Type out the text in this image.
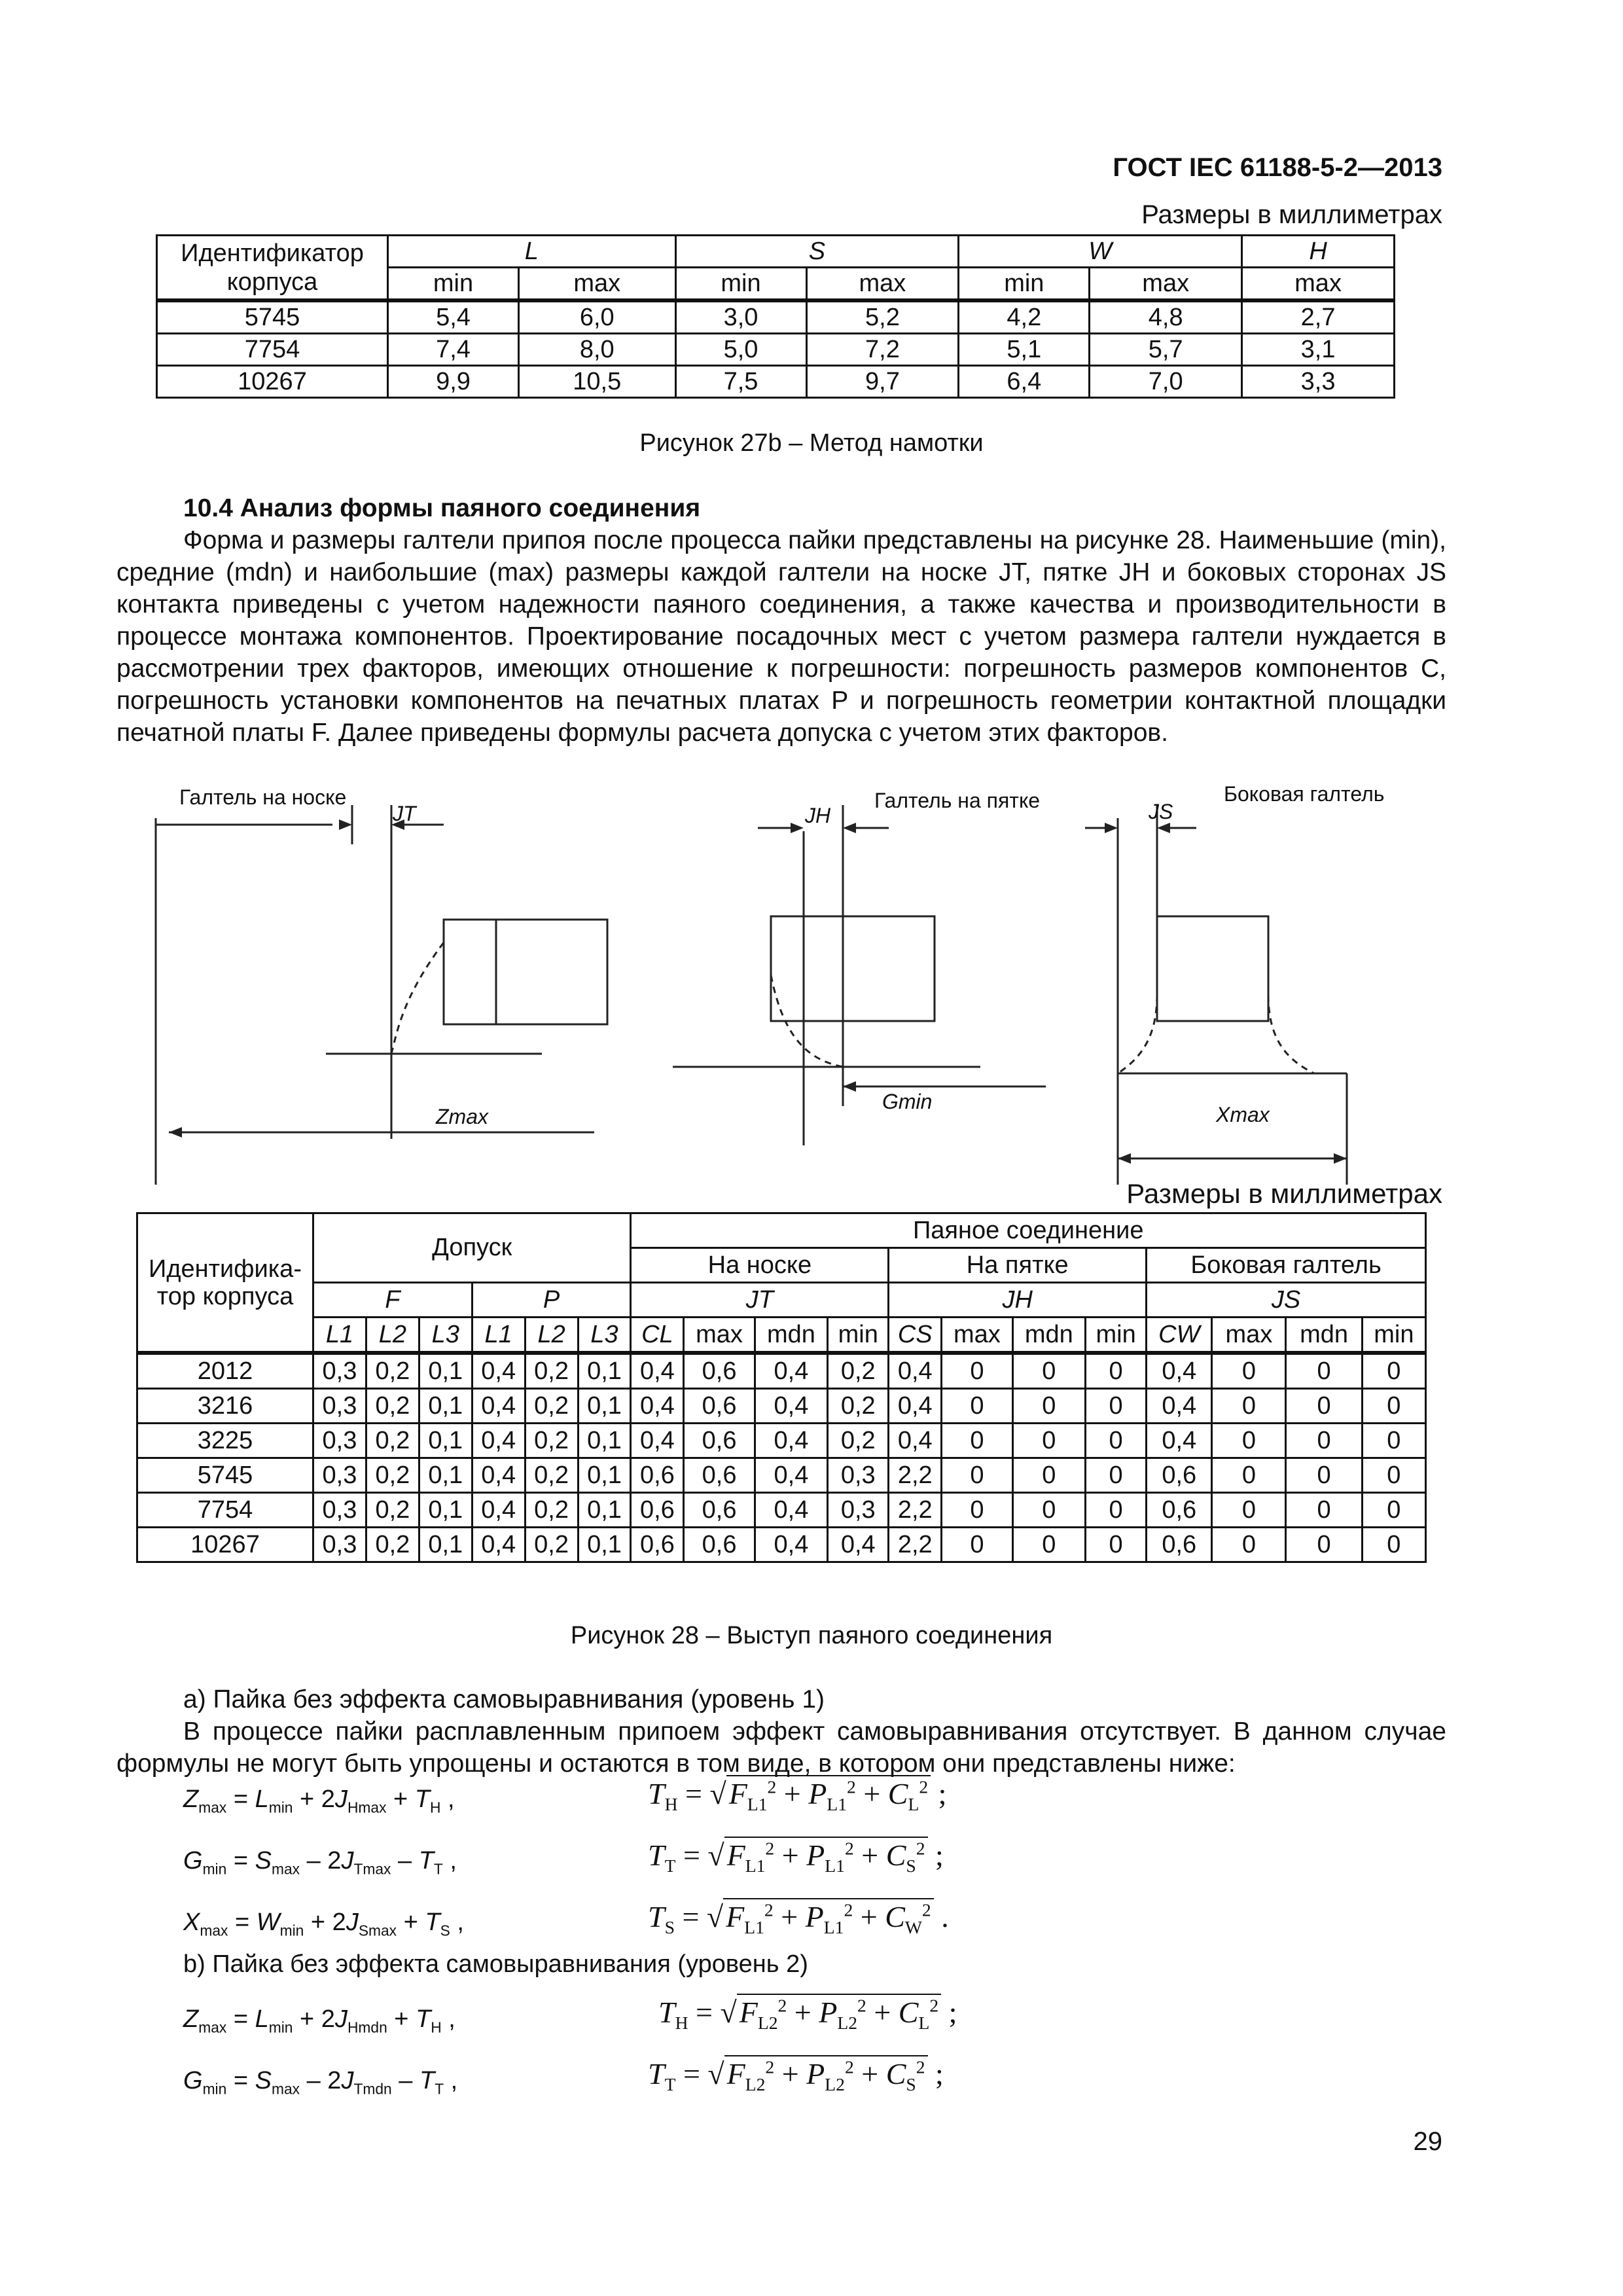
ГОСТ IEC 61188-5-2—2013
Размеры в миллиметрах
Идентификатор корпуса	L		S		W		H
	min	max	min	max	min	max	max
5745	5,4	6,0	3,0	5,2	4,2	4,8	2,7
7754	7,4	8,0	5,0	7,2	5,1	5,7	3,1
10267	9,9	10,5	7,5	9,7	6,4	7,0	3,3
Рисунок 27b – Метод намотки

10.4 Анализ формы паяного соединения

Форма и размеры галтели припоя после процесса пайки представлены на рисунке 28. Наименьшие (min), средние (mdn) и наибольшие (max) размеры каждой галтели на носке JT, пятке JH и боковых сторонах JS контакта приведены с учетом надежности паяного соединения, а также качества и производительности в процессе монтажа компонентов. Проектирование посадочных мест с учетом размера галтели нуждается в рассмотрении трех факторов, имеющих отношение к погрешности: погрешность размеров компонентов C, погрешность установки компонентов на печатных платах P и погрешность геометрии контактной площадки печатной платы F. Далее приведены формулы расчета допуска с учетом этих факторов.

Галтель на носке
JT
Галтель на пятке
JH
Боковая галтель
JS
Zmax
Gmin
Xmax
Размеры в миллиметрах
Идентифика-тор корпуса	Допуск						Паяное соединение											
							На носке				На пятке				Боковая галтель			
	F			P			JT				JH				JS			
	L1	L2	L3	L1	L2	L3	CL	max	mdn	min	CS	max	mdn	min	CW	max	mdn	min
2012	0,3	0,2	0,1	0,4	0,2	0,1	0,4	0,6	0,4	0,2	0,4	0	0	0	0,4	0	0	0
3216	0,3	0,2	0,1	0,4	0,2	0,1	0,4	0,6	0,4	0,2	0,4	0	0	0	0,4	0	0	0
3225	0,3	0,2	0,1	0,4	0,2	0,1	0,4	0,6	0,4	0,2	0,4	0	0	0	0,4	0	0	0
5745	0,3	0,2	0,1	0,4	0,2	0,1	0,6	0,6	0,4	0,3	2,2	0	0	0	0,6	0	0	0
7754	0,3	0,2	0,1	0,4	0,2	0,1	0,6	0,6	0,4	0,3	2,2	0	0	0	0,6	0	0	0
10267	0,3	0,2	0,1	0,4	0,2	0,1	0,6	0,6	0,4	0,4	2,2	0	0	0	0,6	0	0	0
Рисунок 28 – Выступ паяного соединения

a) Пайка без эффекта самовыравнивания (уровень 1)

В процессе пайки расплавленным припоем эффект самовыравнивания отсутствует. В данном случае формулы не могут быть упрощены и остаются в том виде, в котором они представлены ниже:

$Z_{max} = L_{min} + 2J_{Hmax} + T_H$ ,	$T_H = √F_{L1}^2 + P_{L1}^2 + C_L^2$ ;
$G_{min} = S_{max} - 2J_{Tmax} - T_T$ ,	$T_T = √F_{L1}^2 + P_{L1}^2 + C_S^2$ ;
$X_{max} = W_{min} + 2J_{Smax} + T_S$ ,	$T_S = √F_{L1}^2 + P_{L1}^2 + C_W^2$ .
b) Пайка без эффекта самовыравнивания (уровень 2)
$Z_{max} = L_{min} + 2J_{Hmdn} + T_H$ ,	$T_H = √F_{L2}^2 + P_{L2}^2 + C_L^2$ ;
$G_{min} = S_{max} - 2J_{Tmdn} - T_T$ ,	$T_T = √F_{L2}^2 + P_{L2}^2 + C_S^2$ ;
29
